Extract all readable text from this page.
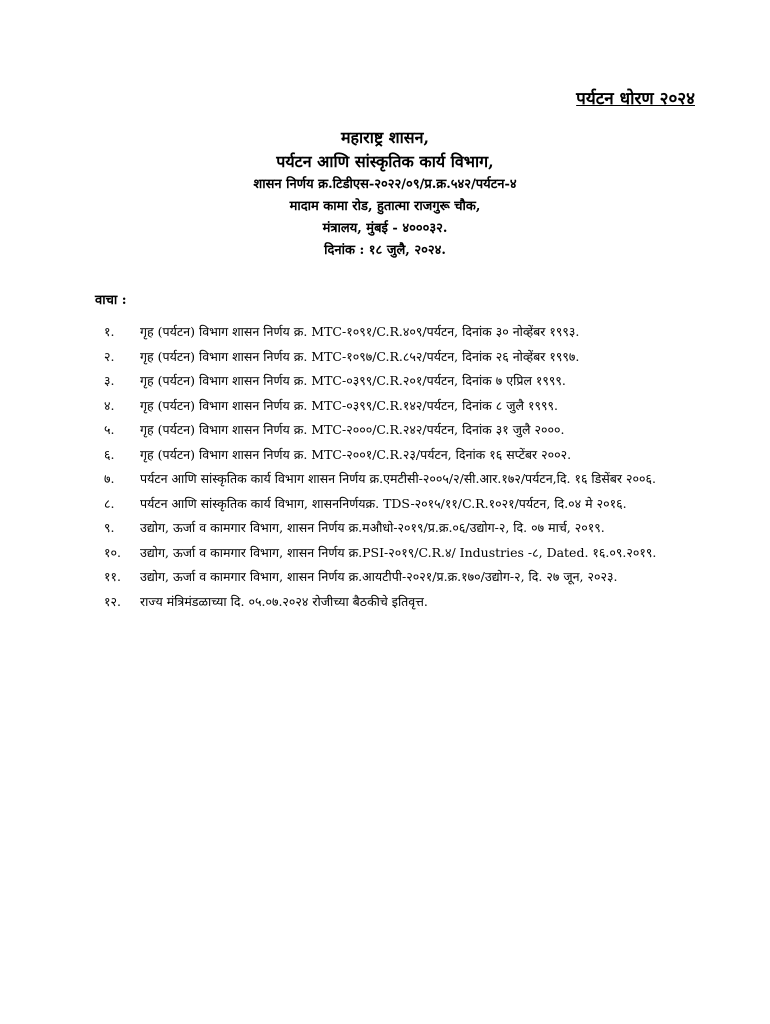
पर्यटन धोरण २०२४
महाराष्ट्र शासन,
पर्यटन आणि सांस्कृतिक कार्य विभाग,
शासन निर्णय क्र.टिडीएस-२०२२/०९/प्र.क्र.५४२/पर्यटन-४
मादाम कामा रोड, हुतात्मा राजगुरू चौक,
मंत्रालय, मुंबई - ४०००३२.
दिनांक : १८ जुलै, २०२४.

वाचा :

१. गृह (पर्यटन) विभाग शासन निर्णय क्र. MTC-१०९१/C.R.४०९/पर्यटन, दिनांक ३० नोव्हेंबर १९९३.
२. गृह (पर्यटन) विभाग शासन निर्णय क्र. MTC-१०९७/C.R.८५२/पर्यटन, दिनांक २६ नोव्हेंबर १९९७.
३. गृह (पर्यटन) विभाग शासन निर्णय क्र. MTC-०३९९/C.R.२०१/पर्यटन, दिनांक ७ एप्रिल १९९९.
४. गृह (पर्यटन) विभाग शासन निर्णय क्र. MTC-०३९९/C.R.१४२/पर्यटन, दिनांक ८ जुलै १९९९.
५. गृह (पर्यटन) विभाग शासन निर्णय क्र. MTC-२०००/C.R.२४२/पर्यटन, दिनांक ३१ जुलै २०००.
६. गृह (पर्यटन) विभाग शासन निर्णय क्र. MTC-२००१/C.R.२३/पर्यटन, दिनांक १६ सप्टेंबर २००२.
७. पर्यटन आणि सांस्कृतिक कार्य विभाग शासन निर्णय क्र.एमटीसी-२००५/२/सी.आर.१७२/पर्यटन,दि. १६ डिसेंबर २००६.
८. पर्यटन आणि सांस्कृतिक कार्य विभाग, शासननिर्णयक्र. TDS-२०१५/११/C.R.१०२१/पर्यटन, दि.०४ मे २०१६.
९. उद्योग, ऊर्जा व कामगार विभाग, शासन निर्णय क्र.मऔधो-२०१९/प्र.क्र.०६/उद्योग-२, दि. ०७ मार्च, २०१९.
१०. उद्योग, ऊर्जा व कामगार विभाग, शासन निर्णय क्र.PSI-२०१९/C.R.४/ Industries -८, Dated. १६.०९.२०१९.
११. उद्योग, ऊर्जा व कामगार विभाग, शासन निर्णय क्र.आयटीपी-२०२१/प्र.क्र.१७०/उद्योग-२, दि. २७ जून, २०२३.
१२. राज्य मंत्रिमंडळाच्या दि. ०५.०७.२०२४ रोजीच्या बैठकीचे इतिवृत्त.
